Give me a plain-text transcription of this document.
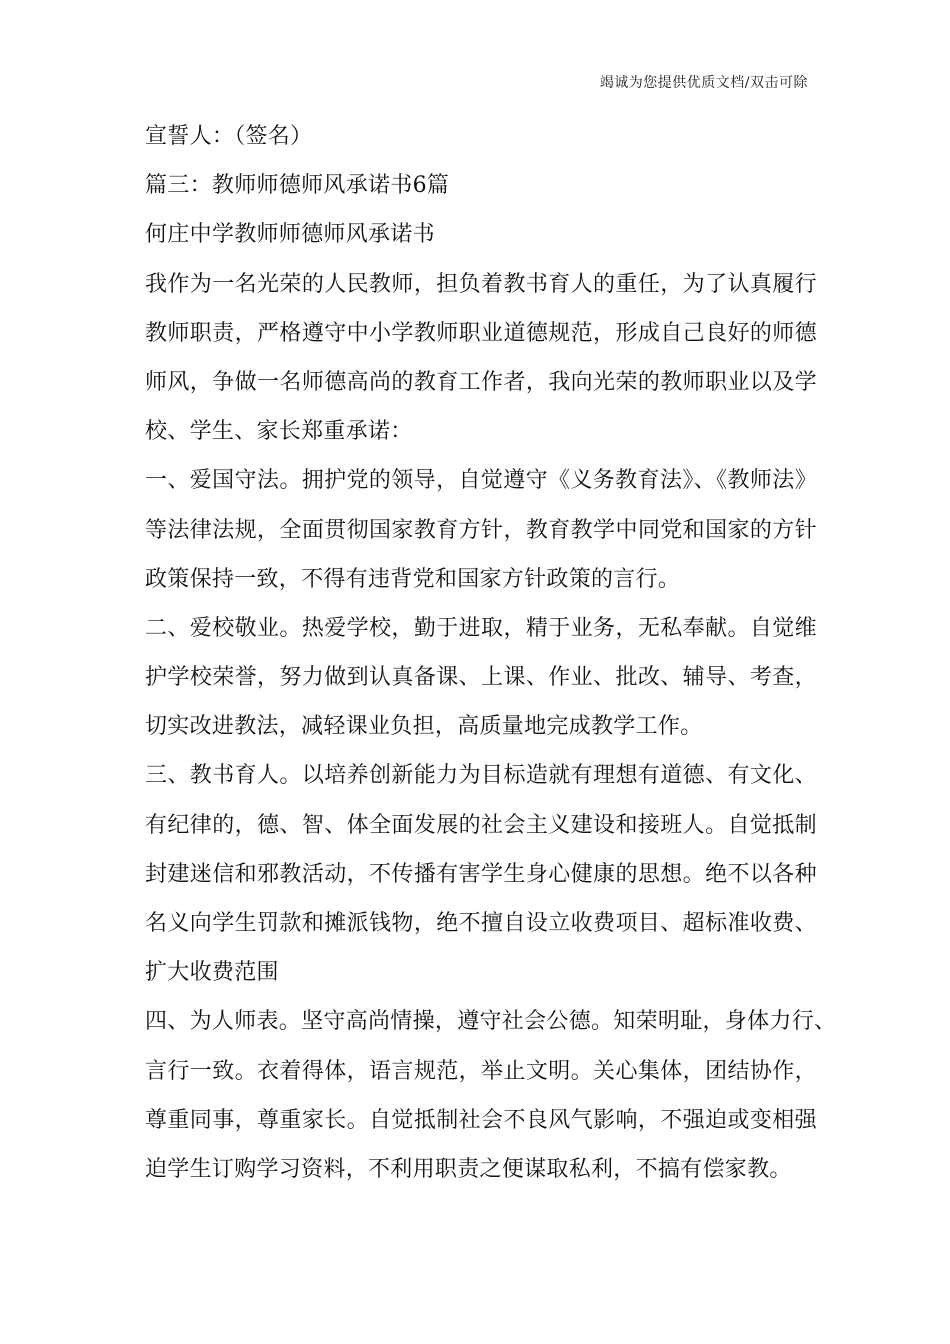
竭诚为您提供优质文档/双击可除
宣誓人：（签名）
篇三：教师师德师风承诺书6篇
何庄中学教师师德师风承诺书
我作为一名光荣的人民教师，担负着教书育人的重任，为了认真履行
教师职责，严格遵守中小学教师职业道德规范，形成自己良好的师德
师风，争做一名师德高尚的教育工作者，我向光荣的教师职业以及学
校、学生、家长郑重承诺：
一、爱国守法。拥护党的领导，自觉遵守《义务教育法》、《教师法》
等法律法规，全面贯彻国家教育方针，教育教学中同党和国家的方针
政策保持一致，不得有违背党和国家方针政策的言行。
二、爱校敬业。热爱学校，勤于进取，精于业务，无私奉献。自觉维
护学校荣誉，努力做到认真备课、上课、作业、批改、辅导、考查，
切实改进教法，减轻课业负担，高质量地完成教学工作。
三、教书育人。以培养创新能力为目标造就有理想有道德、有文化、
有纪律的，德、智、体全面发展的社会主义建设和接班人。自觉抵制
封建迷信和邪教活动，不传播有害学生身心健康的思想。绝不以各种
名义向学生罚款和摊派钱物，绝不擅自设立收费项目、超标准收费、
扩大收费范围
四、为人师表。坚守高尚情操，遵守社会公德。知荣明耻，身体力行、
言行一致。衣着得体，语言规范，举止文明。关心集体，团结协作，
尊重同事，尊重家长。自觉抵制社会不良风气影响，不强迫或变相强
迫学生订购学习资料，不利用职责之便谋取私利，不搞有偿家教。
